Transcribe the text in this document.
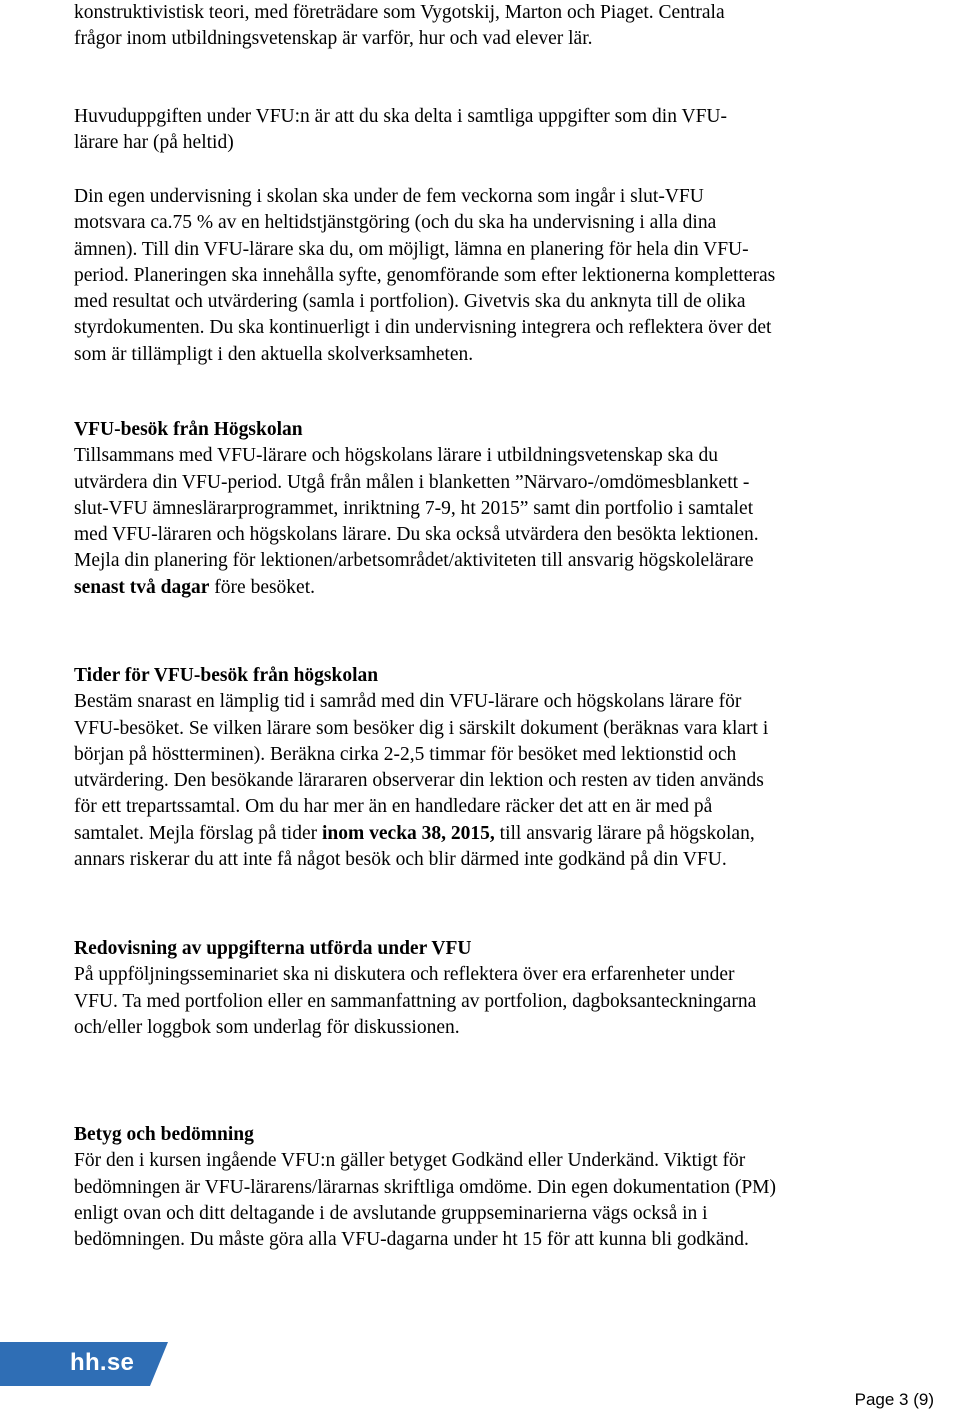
konstruktivistisk teori, med företrädare som Vygotskij, Marton och Piaget. Centrala
frågor inom utbildningsvetenskap är varför, hur och vad elever lär.

Huvuduppgiften under VFU:n är att du ska delta i samtliga uppgifter som din VFU-
lärare har (på heltid)

Din egen undervisning i skolan ska under de fem veckorna som ingår i slut-VFU
motsvara ca.75 % av en heltidstjänstgöring (och du ska ha undervisning i alla dina
ämnen). Till din VFU-lärare ska du, om möjligt, lämna en planering för hela din VFU-
period. Planeringen ska innehålla syfte, genomförande som efter lektionerna kompletteras
med resultat och utvärdering (samla i portfolion). Givetvis ska du anknyta till de olika
styrdokumenten. Du ska kontinuerligt i din undervisning integrera och reflektera över det
som är tillämpligt i den aktuella skolverksamheten.

VFU-besök från Högskolan
Tillsammans med VFU-lärare och högskolans lärare i utbildningsvetenskap ska du
utvärdera din VFU-period. Utgå från målen i blanketten ”Närvaro-/omdömesblankett -
slut-VFU ämneslärarprogrammet, inriktning 7-9, ht 2015” samt din portfolio i samtalet
med VFU-läraren och högskolans lärare. Du ska också utvärdera den besökta lektionen.
Mejla din planering för lektionen/arbetsområdet/aktiviteten till ansvarig högskolelärare
senast två dagar före besöket.
Tider för VFU-besök från högskolan
Bestäm snarast en lämplig tid i samråd med din VFU-lärare och högskolans lärare för
VFU-besöket. Se vilken lärare som besöker dig i särskilt dokument (beräknas vara klart i
början på höstterminen). Beräkna cirka 2-2,5 timmar för besöket med lektionstid och
utvärdering. Den besökande lärararen observerar din lektion och resten av tiden används
för ett trepartssamtal. Om du har mer än en handledare räcker det att en är med på
samtalet. Mejla förslag på tider inom vecka 38, 2015, till ansvarig lärare på högskolan,
annars riskerar du att inte få något besök och blir därmed inte godkänd på din VFU.
Redovisning av uppgifterna utförda under VFU
På uppföljningsseminariet ska ni diskutera och reflektera över era erfarenheter under
VFU. Ta med portfolion eller en sammanfattning av portfolion, dagboksanteckningarna
och/eller loggbok som underlag för diskussionen.
Betyg och bedömning
För den i kursen ingående VFU:n gäller betyget Godkänd eller Underkänd. Viktigt för
bedömningen är VFU-lärarens/lärarnas skriftliga omdöme. Din egen dokumentation (PM)
enligt ovan och ditt deltagande i de avslutande gruppseminarierna vägs också in i
bedömningen. Du måste göra alla VFU-dagarna under ht 15 för att kunna bli godkänd.
hh.se
Page 3 (9)
